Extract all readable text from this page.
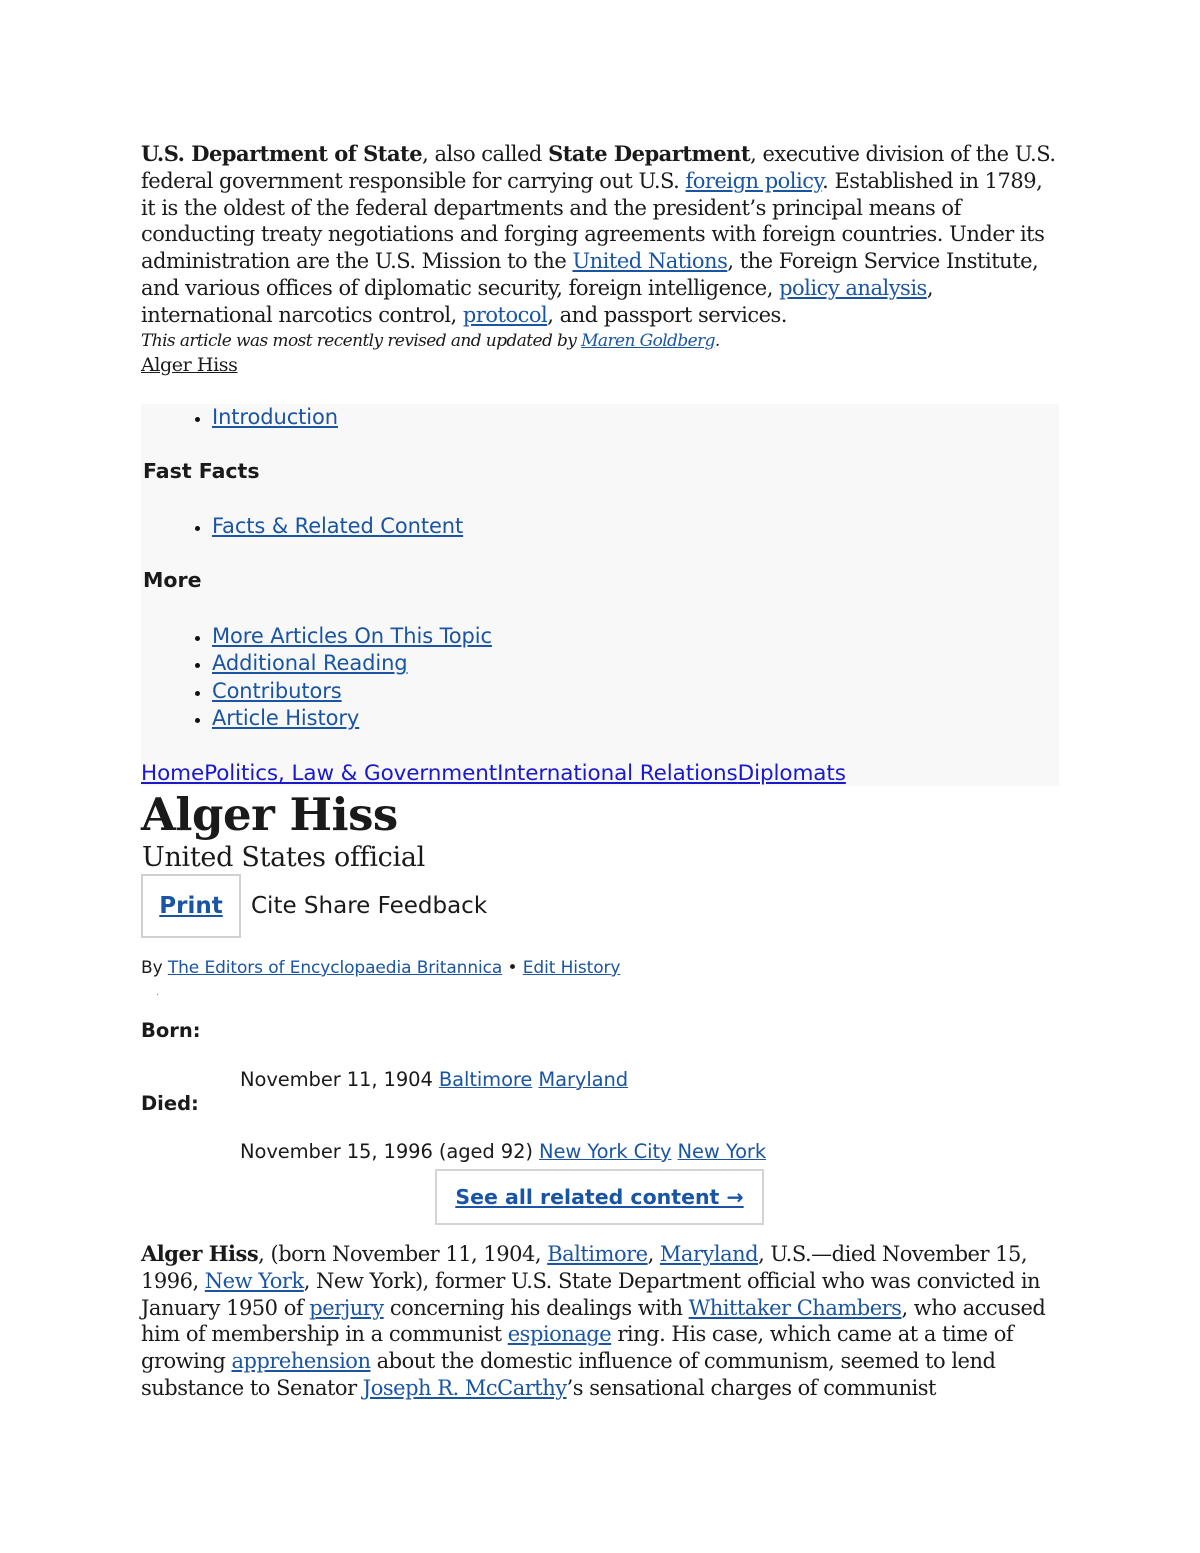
U.S. Department of State, also called State Department, executive division of the U.S. federal government responsible for carrying out U.S. foreign policy. Established in 1789, it is the oldest of the federal departments and the president’s principal means of conducting treaty negotiations and forging agreements with foreign countries. Under its administration are the U.S. Mission to the United Nations, the Foreign Service Institute, and various offices of diplomatic security, foreign intelligence, policy analysis, international narcotics control, protocol, and passport services.

This article was most recently revised and updated by Maren Goldberg.
Alger Hiss
• Introduction
Fast Facts
• Facts & Related Content
More
• More Articles On This Topic
• Additional Reading
• Contributors
• Article History
HomePolitics, Law & GovernmentInternational RelationsDiplomats
Alger Hiss
United States official
Print	Cite Share Feedback
By The Editors of Encyclopaedia Britannica • Edit History
·
Born:
November 11, 1904 Baltimore Maryland
Died:
November 15, 1996 (aged 92) New York City New York
See all related content →

Alger Hiss, (born November 11, 1904, Baltimore, Maryland, U.S.—died November 15, 1996, New York, New York), former U.S. State Department official who was convicted in January 1950 of perjury concerning his dealings with Whittaker Chambers, who accused him of membership in a communist espionage ring. His case, which came at a time of growing apprehension about the domestic influence of communism, seemed to lend substance to Senator Joseph R. McCarthy’s sensational charges of communist
